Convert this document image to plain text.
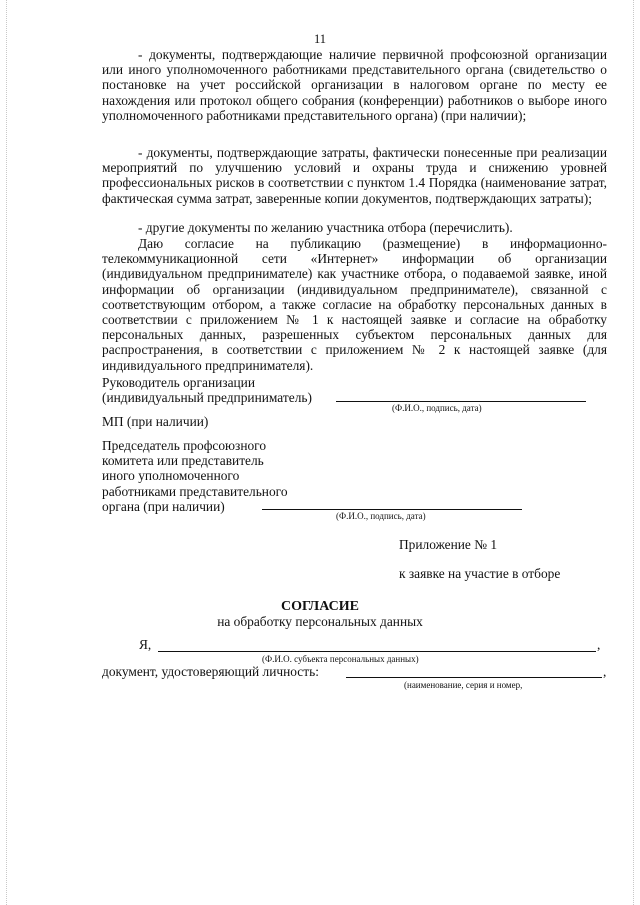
11

- документы, подтверждающие наличие первичной профсоюзной организации или иного уполномоченного работниками представительного органа (свидетельство о постановке на учет российской организации в налоговом органе по месту ее нахождения или протокол общего собрания (конференции) работников о выборе иного уполномоченного работниками представительного органа) (при наличии);

- документы, подтверждающие затраты, фактически понесенные при реализации мероприятий по улучшению условий и охраны труда и снижению уровней профессиональных рисков в соответствии с пунктом 1.4 Порядка (наименование затрат, фактическая сумма затрат, заверенные копии документов, подтверждающих затраты);

- другие документы по желанию участника отбора (перечислить).

Даю согласие на публикацию (размещение) в информационно-телекоммуникационной сети «Интернет» информации об организации (индивидуальном предпринимателе) как участнике отбора, о подаваемой заявке, иной информации об организации (индивидуальном предпринимателе), связанной с соответствующим отбором, а также согласие на обработку персональных данных в соответствии с приложением № 1 к настоящей заявке и согласие на обработку персональных данных, разрешенных субъектом персональных данных для распространения, в соответствии с приложением № 2 к настоящей заявке (для индивидуального предпринимателя).

Руководитель организации
(индивидуальный предприниматель)
(Ф.И.О., подпись, дата)
МП (при наличии)
Председатель профсоюзного
комитета или представитель
иного уполномоченного
работниками представительного
органа (при наличии)
(Ф.И.О., подпись, дата)
Приложение № 1
к заявке на участие в отборе
СОГЛАСИЕ
на обработку персональных данных
Я,	,
(Ф.И.О. субъекта персональных данных)
документ, удостоверяющий личность:	,
(наименование, серия и номер,
